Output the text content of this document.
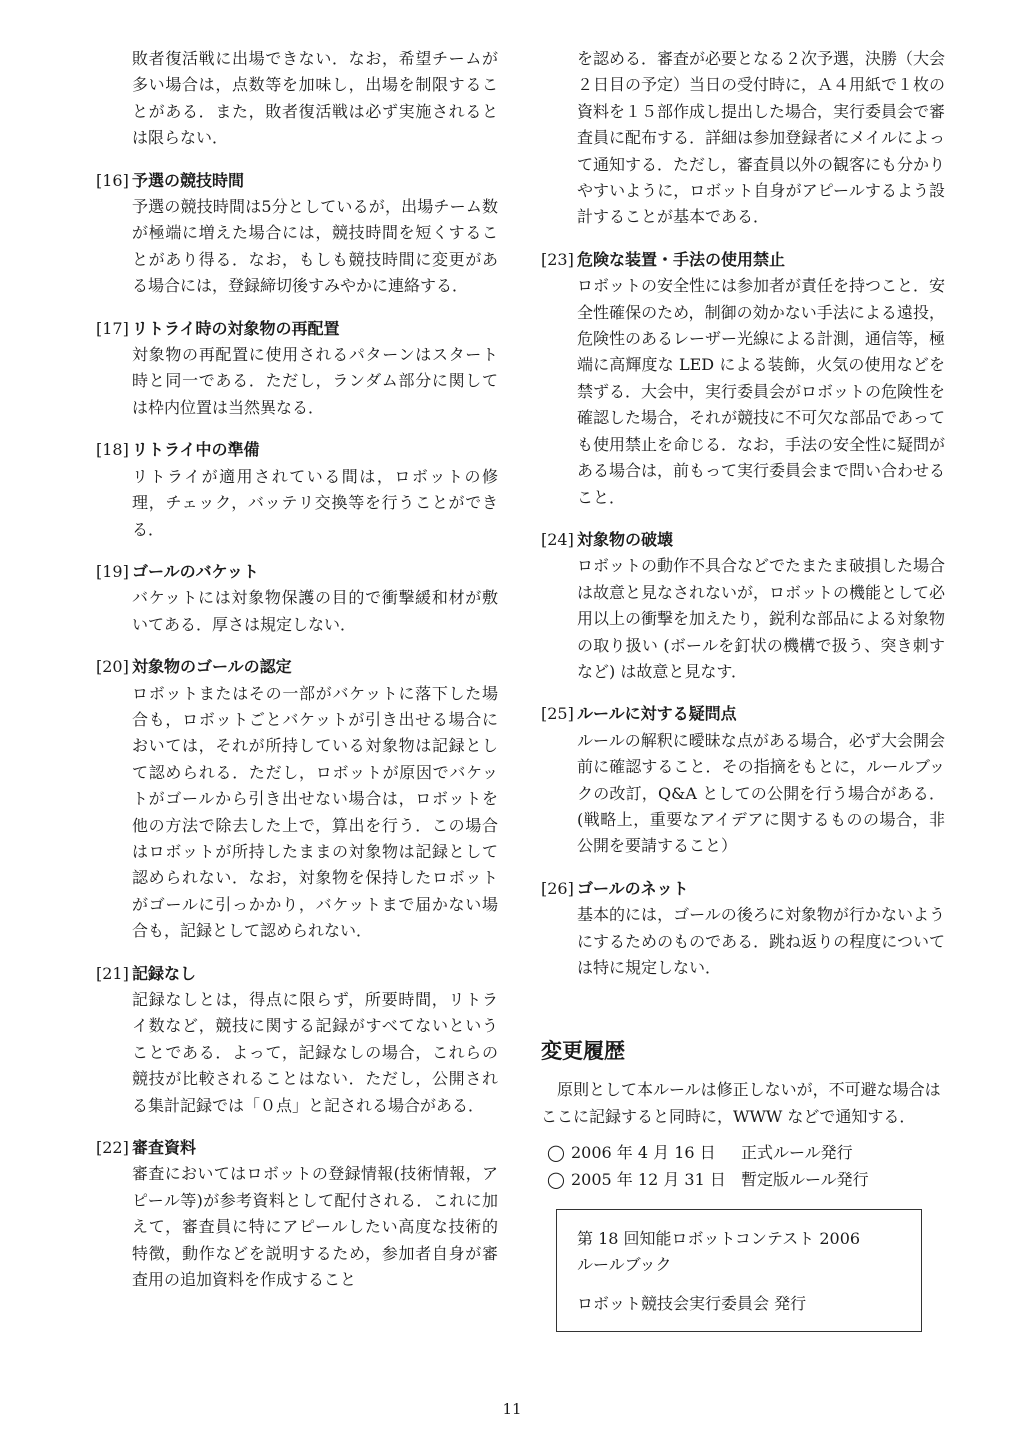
敗者復活戦に出場できない．なお，希望チームが多い場合は，点数等を加味し，出場を制限することがある．また，敗者復活戦は必ず実施されるとは限らない．

[16] 予選の競技時間

予選の競技時間は5分としているが，出場チーム数が極端に増えた場合には，競技時間を短くすることがあり得る．なお，もしも競技時間に変更がある場合には，登録締切後すみやかに連絡する．

[17] リトライ時の対象物の再配置

対象物の再配置に使用されるパターンはスタート時と同一である．ただし，ランダム部分に関しては枠内位置は当然異なる．

[18] リトライ中の準備

リトライが適用されている間は，ロボットの修理，チェック，バッテリ交換等を行うことができる．

[19] ゴールのバケット

バケットには対象物保護の目的で衝撃緩和材が敷いてある．厚さは規定しない．

[20] 対象物のゴールの認定

ロボットまたはその一部がバケットに落下した場合も，ロボットごとバケットが引き出せる場合においては，それが所持している対象物は記録として認められる．ただし，ロボットが原因でバケットがゴールから引き出せない場合は，ロボットを他の方法で除去した上で，算出を行う．この場合はロボットが所持したままの対象物は記録として認められない．なお，対象物を保持したロボットがゴールに引っかかり，バケットまで届かない場合も，記録として認められない．

[21] 記録なし

記録なしとは，得点に限らず，所要時間，リトライ数など，競技に関する記録がすべてないということである．よって，記録なしの場合，これらの競技が比較されることはない．ただし，公開される集計記録では「０点」と記される場合がある．

[22] 審査資料

審査においてはロボットの登録情報(技術情報，アピール等)が参考資料として配付される．これに加えて，審査員に特にアピールしたい高度な技術的特徴，動作などを説明するため，参加者自身が審査用の追加資料を作成すること

を認める．審査が必要となる２次予選，決勝（大会２日目の予定）当日の受付時に，Ａ４用紙で１枚の資料を１５部作成し提出した場合，実行委員会で審査員に配布する．詳細は参加登録者にメイルによって通知する．ただし，審査員以外の観客にも分かりやすいように，ロボット自身がアピールするよう設計することが基本である．

[23] 危険な装置・手法の使用禁止

ロボットの安全性には参加者が責任を持つこと．安全性確保のため，制御の効かない手法による遠投，危険性のあるレーザー光線による計測，通信等，極端に高輝度な LED による装飾，火気の使用などを禁ずる．大会中，実行委員会がロボットの危険性を確認した場合，それが競技に不可欠な部品であっても使用禁止を命じる．なお，手法の安全性に疑問がある場合は，前もって実行委員会まで問い合わせること．

[24] 対象物の破壊

ロボットの動作不具合などでたまたま破損した場合は故意と見なされないが，ロボットの機能として必用以上の衝撃を加えたり，鋭利な部品による対象物の取り扱い (ボールを釘状の機構で扱う、突き刺すなど) は故意と見なす．

[25] ルールに対する疑問点

ルールの解釈に曖昧な点がある場合，必ず大会開会前に確認すること．その指摘をもとに，ルールブックの改訂，Q&A としての公開を行う場合がある．(戦略上，重要なアイデアに関するものの場合，非公開を要請すること）

[26] ゴールのネット

基本的には，ゴールの後ろに対象物が行かないようにするためのものである．跳ね返りの程度については特に規定しない．

変更履歴

原則として本ルールは修正しないが，不可避な場合はここに記録すると同時に，WWW などで通知する．

◯ 2006 年 4 月 16 日	正式ルール発行
◯ 2005 年 12 月 31 日 暫定版ルール発行
第 18 回知能ロボットコンテスト 2006
ルールブック
ロボット競技会実行委員会 発行
11
